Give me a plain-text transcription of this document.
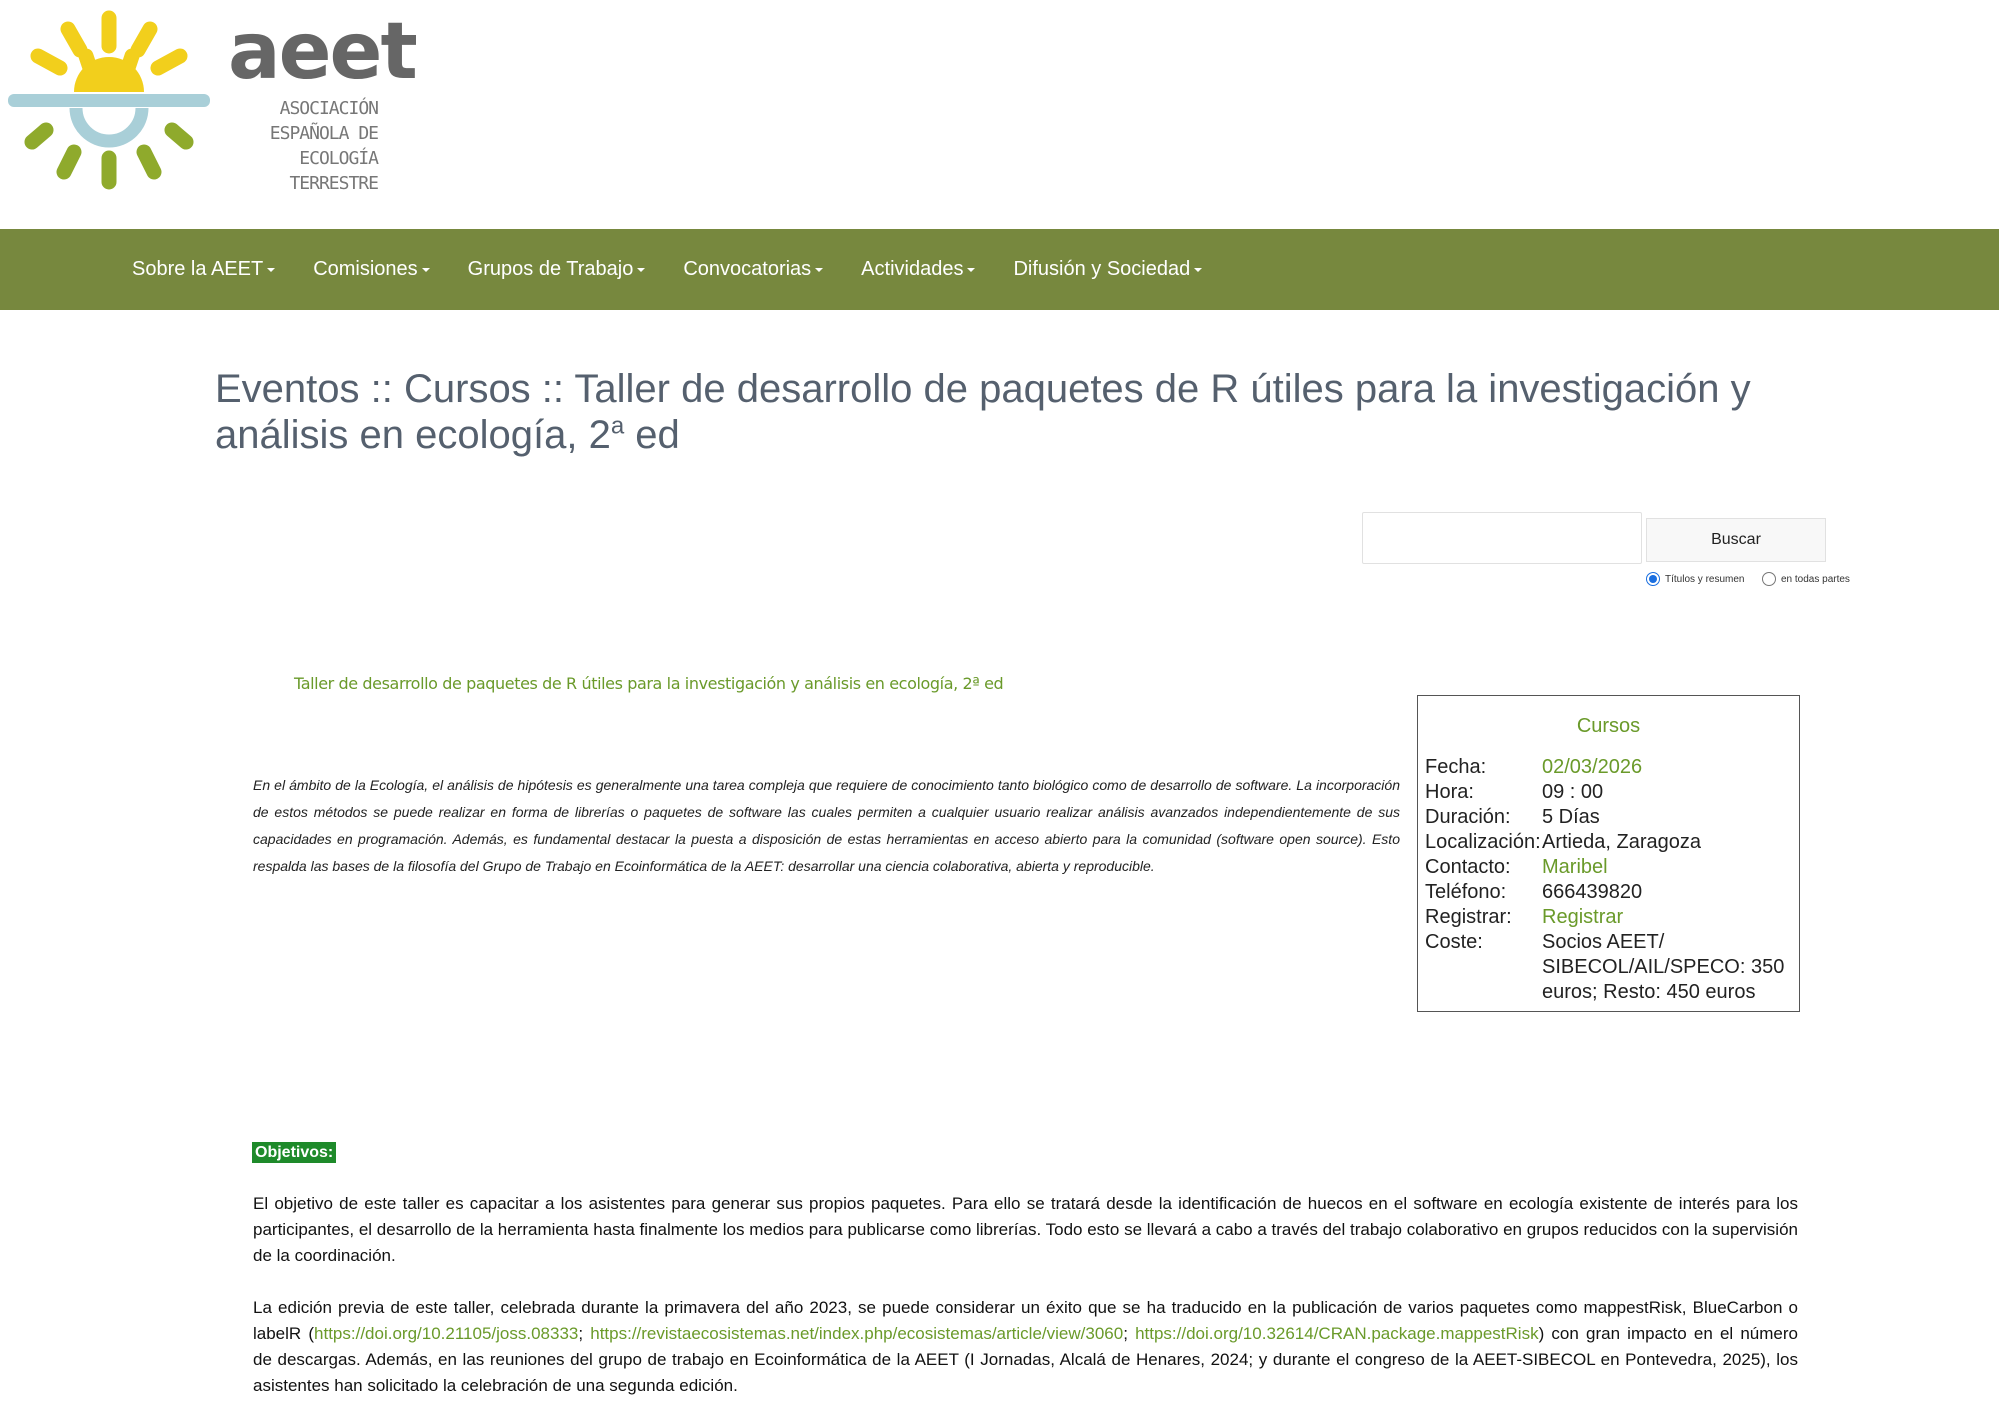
aeet
ASOCIACIÓN
ESPAÑOLA DE
ECOLOGÍA
TERRESTRE
Sobre la AEET	Comisiones	Grupos de Trabajo	Convocatorias	Actividades	Difusión y Sociedad
Eventos :: Cursos :: Taller de desarrollo de paquetes de R útiles para la investigación y análisis en ecología, 2$^a$ ed
Buscar
Títulos y resumen	en todas partes
Taller de desarrollo de paquetes de R útiles para la investigación y análisis en ecología, 2ª ed
Cursos
Fecha:	02/03/2026
Hora:	09 : 00
Duración: 5 Días
Localización: Artieda, Zaragoza
Contacto: Maribel
Teléfono: 666439820
Registrar: Registrar
Coste:	Socios AEET/ SIBECOL/AIL/SPECO: 350 euros; Resto: 450 euros

En el ámbito de la Ecología, el análisis de hipótesis es generalmente una tarea compleja que requiere de conocimiento tanto biológico como de desarrollo de software. La incorporación de estos métodos se puede realizar en forma de librerías o paquetes de software las cuales permiten a cualquier usuario realizar análisis avanzados independientemente de sus capacidades en programación. Además, es fundamental destacar la puesta a disposición de estas herramientas en acceso abierto para la comunidad (software open source). Esto respalda las bases de la filosofía del Grupo de Trabajo en Ecoinformática de la AEET: desarrollar una ciencia colaborativa, abierta y reproducible.

Objetivos:

El objetivo de este taller es capacitar a los asistentes para generar sus propios paquetes. Para ello se tratará desde la identificación de huecos en el software en ecología existente de interés para los participantes, el desarrollo de la herramienta hasta finalmente los medios para publicarse como librerías. Todo esto se llevará a cabo a través del trabajo colaborativo en grupos reducidos con la supervisión de la coordinación.

La edición previa de este taller, celebrada durante la primavera del año 2023, se puede considerar un éxito que se ha traducido en la publicación de varios paquetes como mappestRisk, BlueCarbon o labelR (https://doi.org/10.21105/joss.08333; https://revistaecosistemas.net/index.php/ecosistemas/article/view/3060; https://doi.org/10.32614/CRAN.package.mappestRisk) con gran impacto en el número de descargas. Además, en las reuniones del grupo de trabajo en Ecoinformática de la AEET (I Jornadas, Alcalá de Henares, 2024; y durante el congreso de la AEET-SIBECOL en Pontevedra, 2025), los asistentes han solicitado la celebración de una segunda edición.
